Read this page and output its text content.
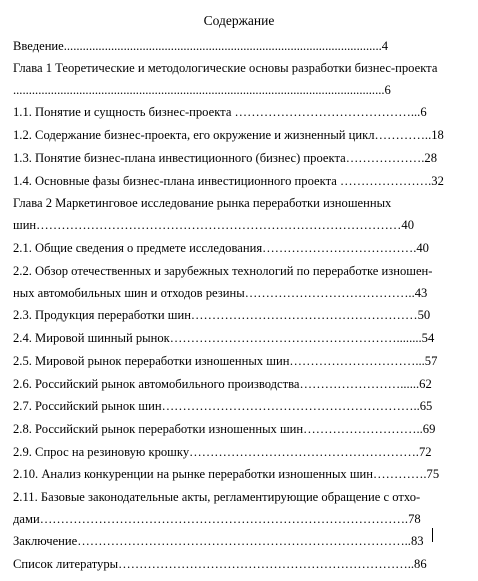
Содержание
Введение.....................................................................................................4
Глава 1 Теоретические и методологические основы разработки бизнес-проекта
......................................................................................................................6
1.1. Понятие и сущность бизнес-проекта ……………………………………...6
1.2. Содержание бизнес-проекта, его окружение и жизненный цикл…………..18
1.3. Понятие бизнес-плана инвестиционного (бизнес) проекта……………….28
1.4. Основные фазы бизнес-плана инвестиционного проекта ………………….32
Глава 2 Маркетинговое исследование рынка переработки изношенных
шин……………………………………………………………………………40
2.1. Общие сведения о предмете исследования……………………………….40
2.2. Обзор отечественных и зарубежных технологий по переработке изношен-
ных автомобильных шин и отходов резины…………………………………..43
2.3. Продукция переработки шин………………………………………………50
2.4. Мировой шинный рынок………………………………………………........54
2.5. Мировой рынок переработки изношенных шин…………………………...57
2.6. Российский рынок автомобильного производства……………………......62
2.7. Российский рынок шин……………………………………………………..65
2.8. Российский рынок переработки изношенных шин………………………..69
2.9. Спрос на резиновую крошку……………………………………………….72
2.10. Анализ конкуренции на рынке переработки изношенных шин………….75
2.11. Базовые законодательные акты, регламентирующие обращение с отхо-
дами…………………………………………………………………………….78
Заключение……………………………………………………………………..83
Список литературы……………………………………………………………..86
